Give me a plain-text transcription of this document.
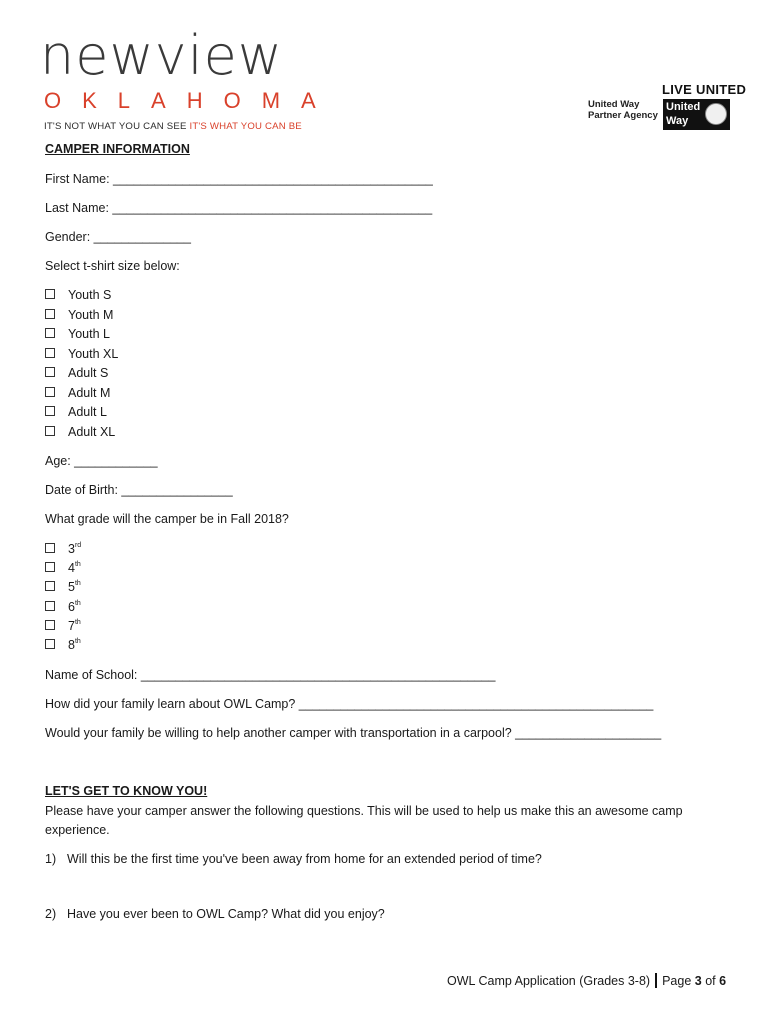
newview
OKLAHOMA
IT'S NOT WHAT YOU CAN SEE IT'S WHAT YOU CAN BE
United Way
Partner Agency
LIVE UNITED
United
Way
CAMPER INFORMATION
First Name: ______________________________________________
Last Name: ______________________________________________
Gender: ______________
Select t-shirt size below:
Youth S
Youth M
Youth L
Youth XL
Adult S
Adult M
Adult L
Adult XL
Age: ____________
Date of Birth: ________________
What grade will the camper be in Fall 2018?
3rd
4th
5th
6th
7th
8th
Name of School: ___________________________________________________
How did your family learn about OWL Camp? ___________________________________________________
Would your family be willing to help another camper with transportation in a carpool? _____________________
LET'S GET TO KNOW YOU!
Please have your camper answer the following questions. This will be used to help us make this an awesome camp
experience.
1) Will this be the first time you've been away from home for an extended period of time?
2) Have you ever been to OWL Camp? What did you enjoy?
OWL Camp Application (Grades 3-8) Page 3 of 6
